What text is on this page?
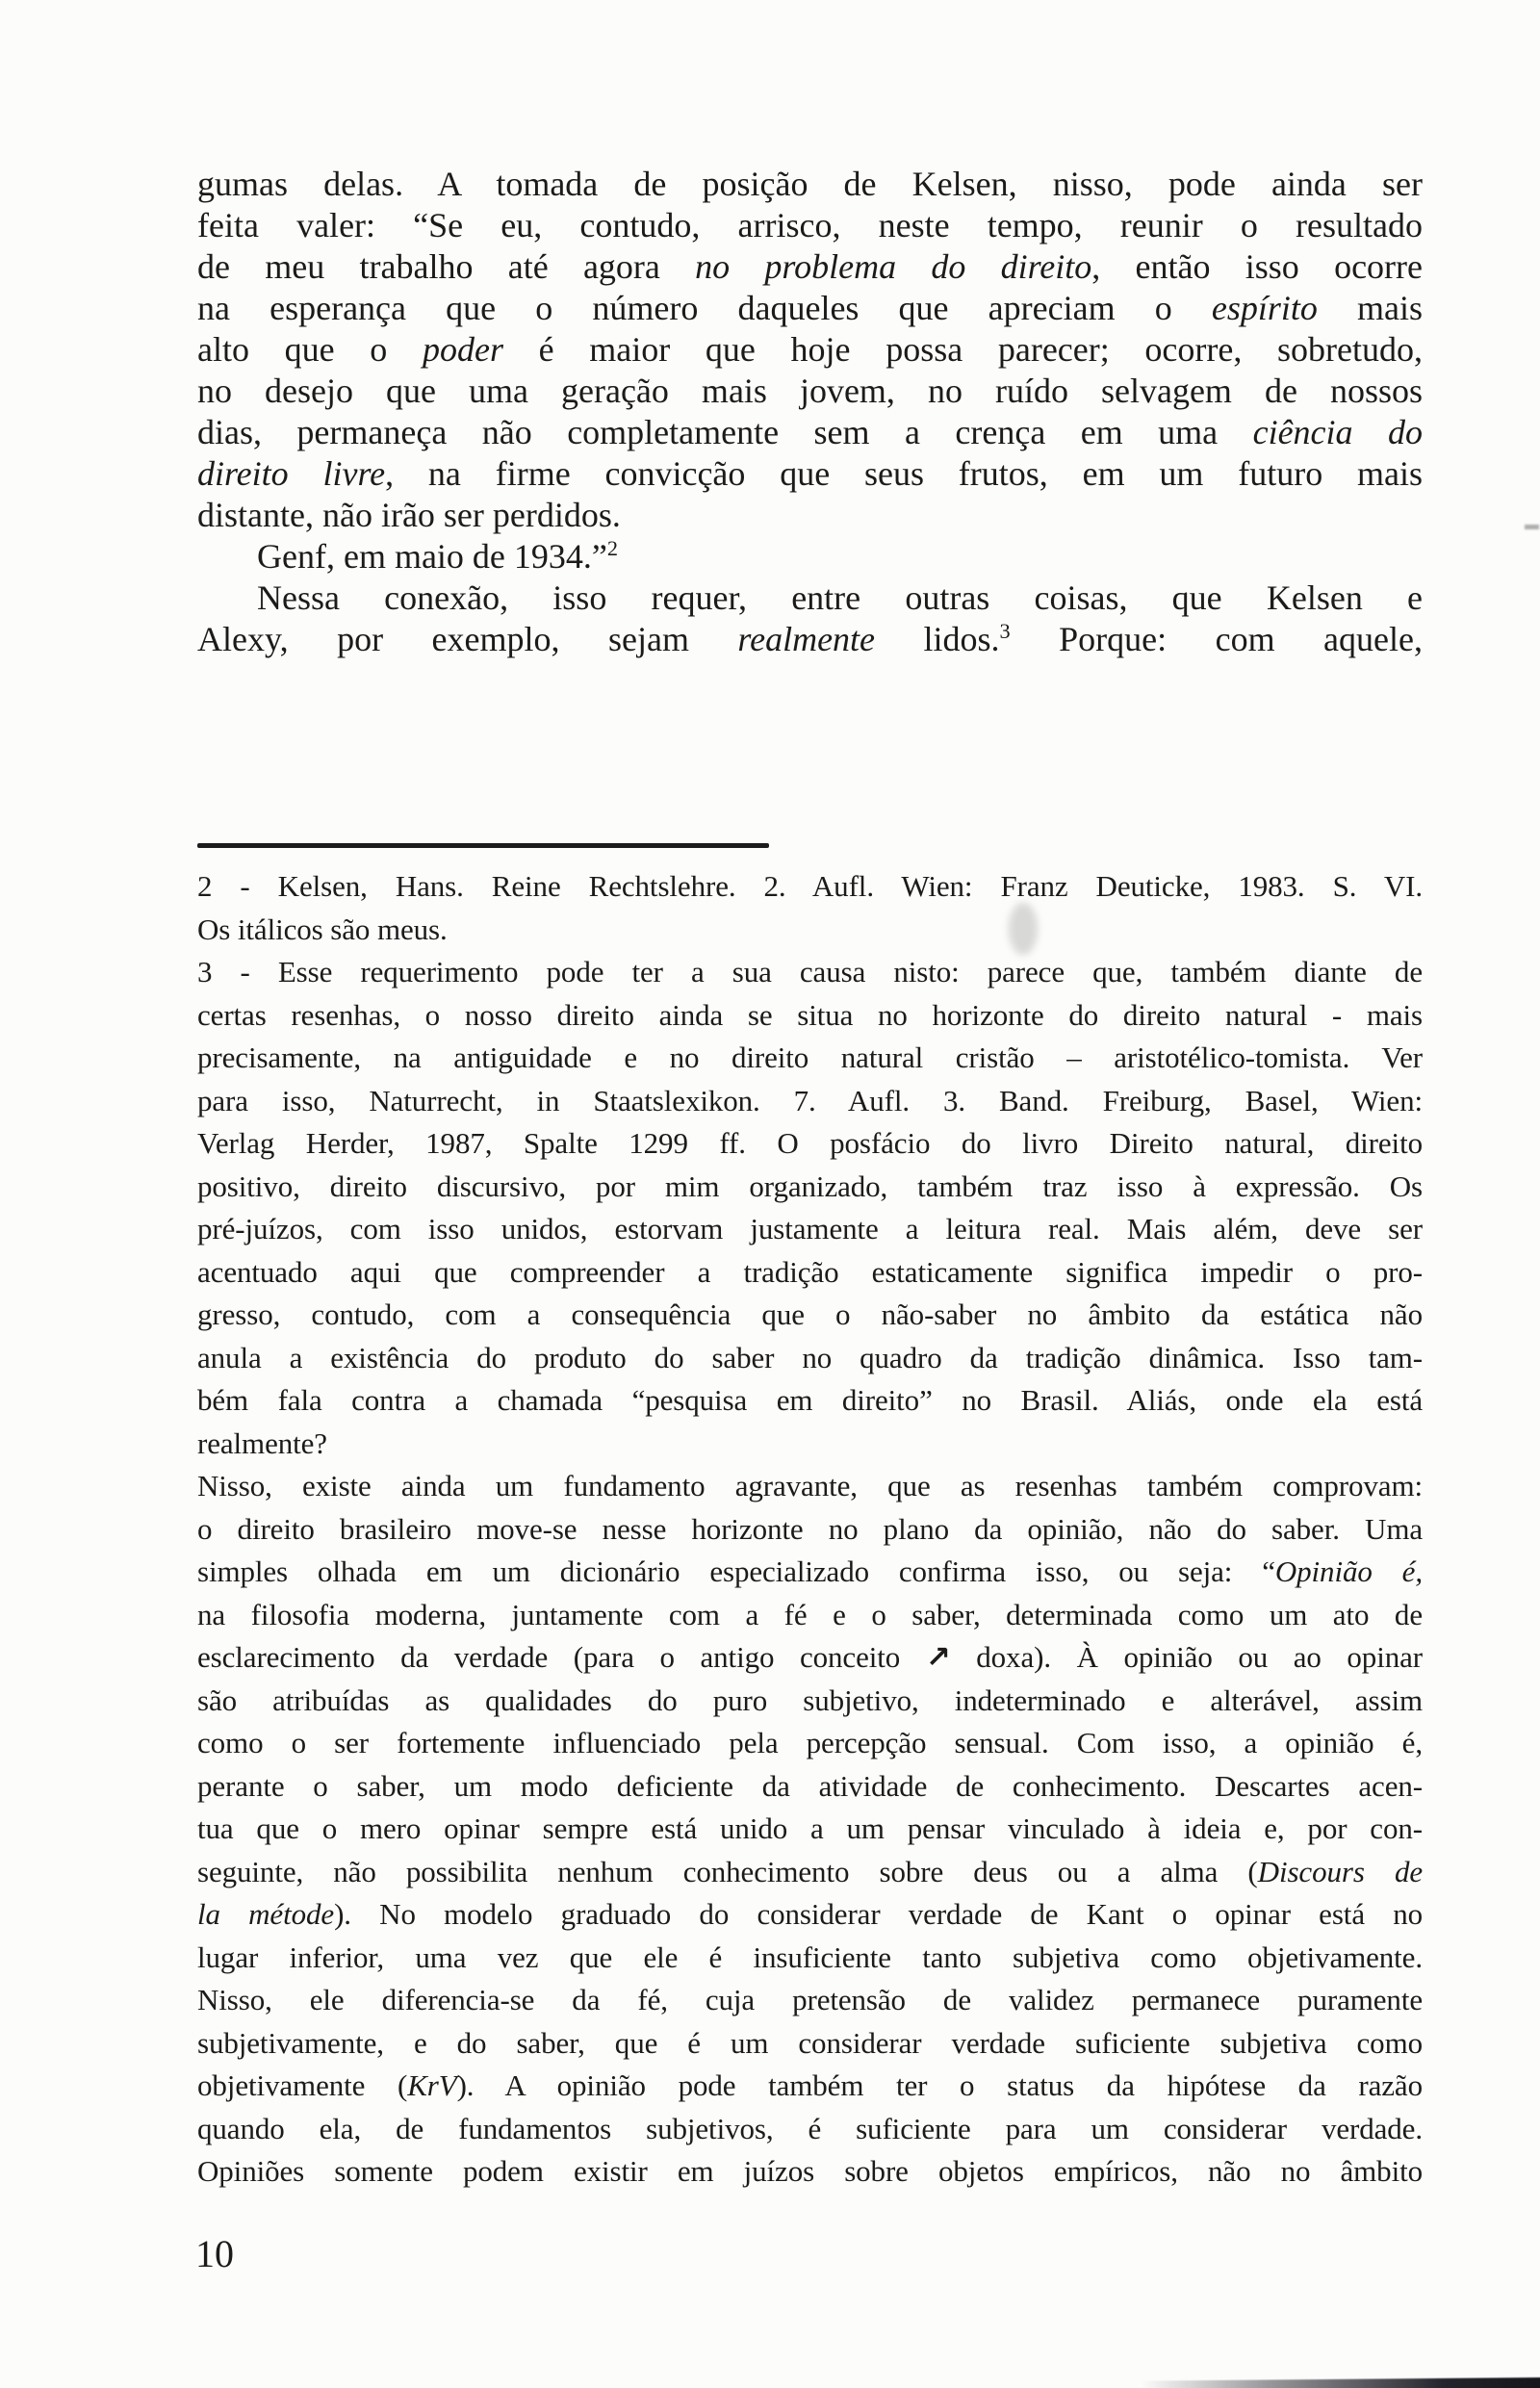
gumas delas. A tomada de posição de Kelsen, nisso, pode ainda ser
feita valer: “Se eu, contudo, arrisco, neste tempo, reunir o resultado
de meu trabalho até agora no problema do direito, então isso ocorre
na esperança que o número daqueles que apreciam o espírito mais
alto que o poder é maior que hoje possa parecer; ocorre, sobretudo,
no desejo que uma geração mais jovem, no ruído selvagem de nossos
dias, permaneça não completamente sem a crença em uma ciência do
direito livre, na firme convicção que seus frutos, em um futuro mais
distante, não irão ser perdidos.
Genf, em maio de 1934.”$^2$
Nessa conexão, isso requer, entre outras coisas, que Kelsen e
Alexy, por exemplo, sejam realmente lidos.$^3$ Porque: com aquele,
2 - Kelsen, Hans. Reine Rechtslehre. 2. Aufl. Wien: Franz Deuticke, 1983. S. VI.
Os itálicos são meus.
3 - Esse requerimento pode ter a sua causa nisto: parece que, também diante de
certas resenhas, o nosso direito ainda se situa no horizonte do direito natural - mais
precisamente, na antiguidade e no direito natural cristão – aristotélico-tomista. Ver
para isso, Naturrecht, in Staatslexikon. 7. Aufl. 3. Band. Freiburg, Basel, Wien:
Verlag Herder, 1987, Spalte 1299 ff. O posfácio do livro Direito natural, direito
positivo, direito discursivo, por mim organizado, também traz isso à expressão. Os
pré-juízos, com isso unidos, estorvam justamente a leitura real. Mais além, deve ser
acentuado aqui que compreender a tradição estaticamente significa impedir o pro-
gresso, contudo, com a consequência que o não-saber no âmbito da estática não
anula a existência do produto do saber no quadro da tradição dinâmica. Isso tam-
bém fala contra a chamada “pesquisa em direito” no Brasil. Aliás, onde ela está
realmente?
Nisso, existe ainda um fundamento agravante, que as resenhas também comprovam:
o direito brasileiro move-se nesse horizonte no plano da opinião, não do saber. Uma
simples olhada em um dicionário especializado confirma isso, ou seja: “Opinião é,
na filosofia moderna, juntamente com a fé e o saber, determinada como um ato de
esclarecimento da verdade (para o antigo conceito ↗ doxa). À opinião ou ao opinar
são atribuídas as qualidades do puro subjetivo, indeterminado e alterável, assim
como o ser fortemente influenciado pela percepção sensual. Com isso, a opinião é,
perante o saber, um modo deficiente da atividade de conhecimento. Descartes acen-
tua que o mero opinar sempre está unido a um pensar vinculado à ideia e, por con-
seguinte, não possibilita nenhum conhecimento sobre deus ou a alma (Discours de
la métode). No modelo graduado do considerar verdade de Kant o opinar está no
lugar inferior, uma vez que ele é insuficiente tanto subjetiva como objetivamente.
Nisso, ele diferencia-se da fé, cuja pretensão de validez permanece puramente
subjetivamente, e do saber, que é um considerar verdade suficiente subjetiva como
objetivamente (KrV). A opinião pode também ter o status da hipótese da razão
quando ela, de fundamentos subjetivos, é suficiente para um considerar verdade.
Opiniões somente podem existir em juízos sobre objetos empíricos, não no âmbito
10
